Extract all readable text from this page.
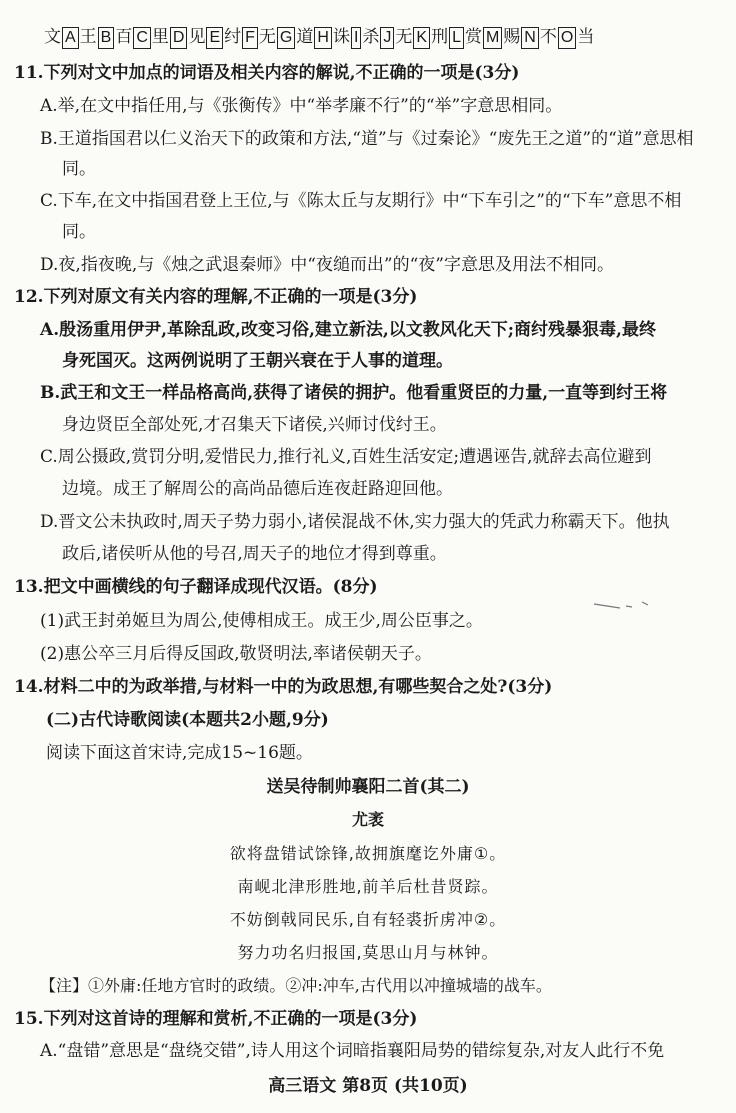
文 A 王 B 百 C 里 D 见 E 纣 F 无 G 道 H 诛 I 杀 J 无 K 刑 L 赏 M 赐 N 不 O 当
11.下列对文中加点的词语及相关内容的解说,不正确的一项是(3分)
A.举,在文中指任用,与《张衡传》中“举孝廉不行”的“举”字意思相同。
B.王道指国君以仁义治天下的政策和方法,“道”与《过秦论》“废先王之道”的“道”意思相
同。
C.下车,在文中指国君登上王位,与《陈太丘与友期行》中“下车引之”的“下车”意思不相
同。
D.夜,指夜晚,与《烛之武退秦师》中“夜缒而出”的“夜”字意思及用法不相同。
12.下列对原文有关内容的理解,不正确的一项是(3分)
A.殷汤重用伊尹,革除乱政,改变习俗,建立新法,以文教风化天下;商纣残暴狠毒,最终
身死国灭。这两例说明了王朝兴衰在于人事的道理。
B.武王和文王一样品格高尚,获得了诸侯的拥护。他看重贤臣的力量,一直等到纣王将
身边贤臣全部处死,才召集天下诸侯,兴师讨伐纣王。
C.周公摄政,赏罚分明,爱惜民力,推行礼义,百姓生活安定;遭遇诬告,就辞去高位避到
边境。成王了解周公的高尚品德后连夜赶路迎回他。
D.晋文公未执政时,周天子势力弱小,诸侯混战不休,实力强大的凭武力称霸天下。他执
政后,诸侯听从他的号召,周天子的地位才得到尊重。
13.把文中画横线的句子翻译成现代汉语。(8分)
(1)武王封弟姬旦为周公,使傅相成王。成王少,周公臣事之。
(2)惠公卒三月后得反国政,敬贤明法,率诸侯朝天子。
14.材料二中的为政举措,与材料一中的为政思想,有哪些契合之处?(3分)
(二)古代诗歌阅读(本题共2小题,9分)
阅读下面这首宋诗,完成15~16题。
送吴待制帅襄阳二首(其二)
尤袤
欲将盘错试馀锋,故拥旗麾讫外庸①。
南岘北津形胜地,前羊后杜昔贤踪。
不妨倒戟同民乐,自有轻裘折虏冲②。
努力功名归报国,莫思山月与林钟。
【注】①外庸:任地方官时的政绩。②冲:冲车,古代用以冲撞城墙的战车。
15.下列对这首诗的理解和赏析,不正确的一项是(3分)
A.“盘错”意思是“盘绕交错”,诗人用这个词暗指襄阳局势的错综复杂,对友人此行不免
高三语文 第8页 (共10页)
